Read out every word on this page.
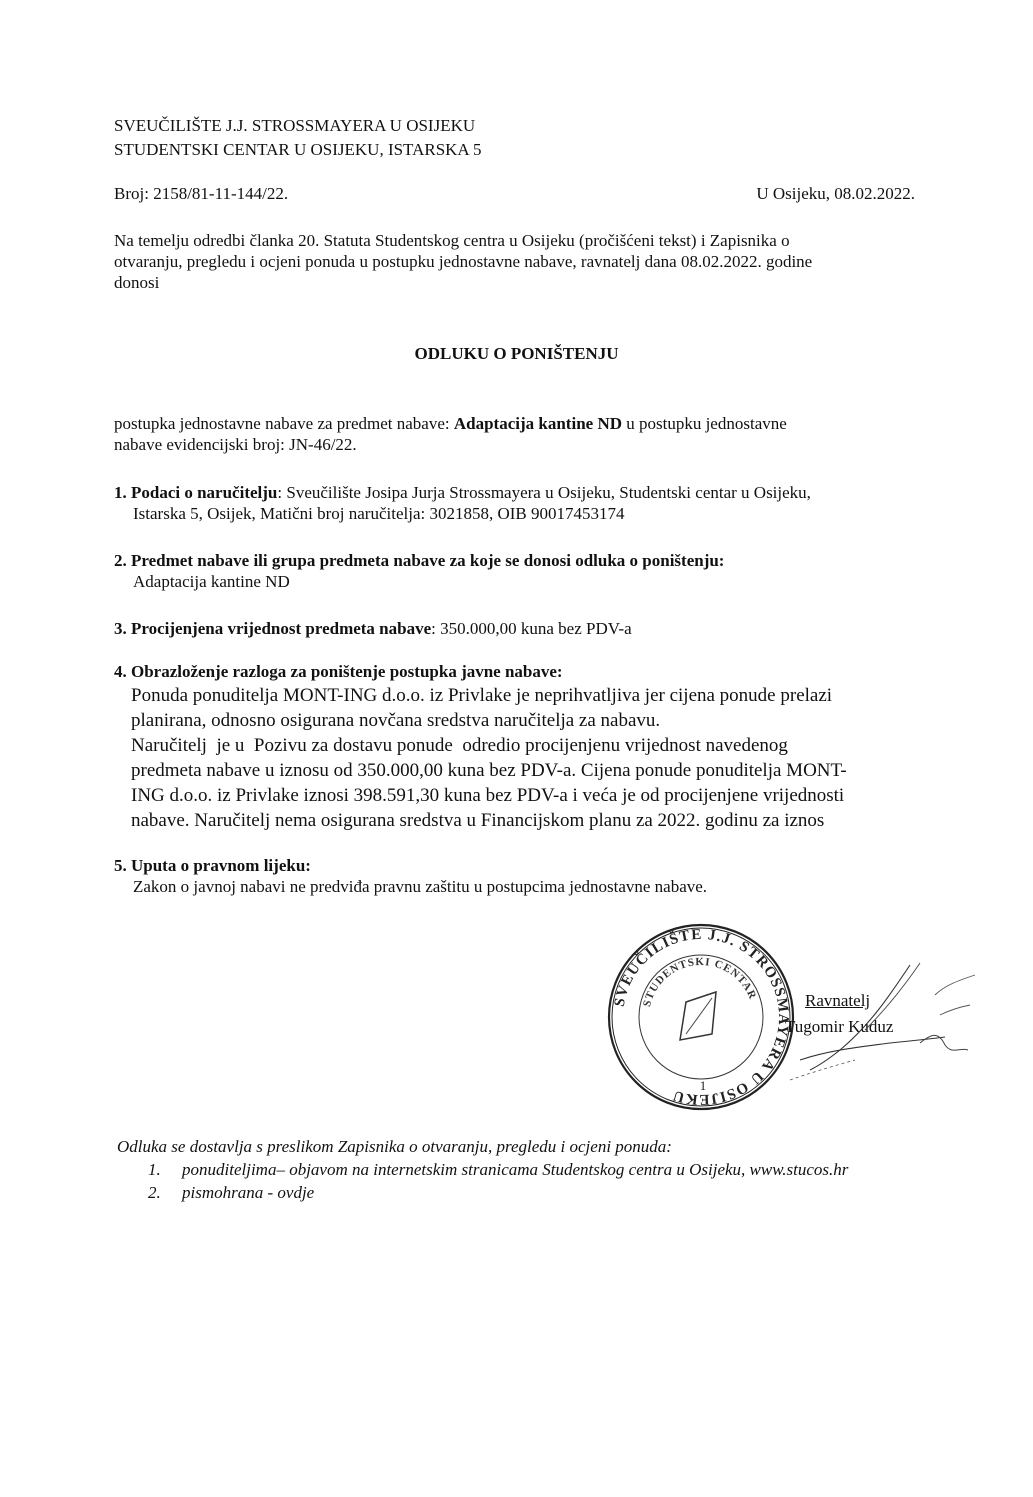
SVEUČILIŠTE J.J. STROSSMAYERA U OSIJEKU
STUDENTSKI CENTAR U OSIJEKU, ISTARSKA 5
Broj: 2158/81-11-144/22.	U Osijeku, 08.02.2022.
Na temelju odredbi članka 20. Statuta Studentskog centra u Osijeku (pročišćeni tekst) i Zapisnika o
otvaranju, pregledu i ocjeni ponuda u postupku jednostavne nabave, ravnatelj dana 08.02.2022. godine
donosi
ODLUKU O PONIŠTENJU
postupka jednostavne nabave za predmet nabave: Adaptacija kantine ND u postupku jednostavne
nabave evidencijski broj: JN-46/22.
1. Podaci o naručitelju: Sveučilište Josipa Jurja Strossmayera u Osijeku, Studentski centar u Osijeku,
Istarska 5, Osijek, Matični broj naručitelja: 3021858, OIB 90017453174
2. Predmet nabave ili grupa predmeta nabave za koje se donosi odluka o poništenju:
Adaptacija kantine ND
3. Procijenjena vrijednost predmeta nabave: 350.000,00 kuna bez PDV-a
4. Obrazloženje razloga za poništenje postupka javne nabave:
Ponuda ponuditelja MONT-ING d.o.o. iz Privlake je neprihvatljiva jer cijena ponude prelazi
planirana, odnosno osigurana novčana sredstva naručitelja za nabavu.
Naručitelj  je u  Pozivu za dostavu ponude  odredio procijenjenu vrijednost navedenog
predmeta nabave u iznosu od 350.000,00 kuna bez PDV-a. Cijena ponude ponuditelja MONT-
ING d.o.o. iz Privlake iznosi 398.591,30 kuna bez PDV-a i veća je od procijenjene vrijednosti
nabave. Naručitelj nema osigurana sredstva u Financijskom planu za 2022. godinu za iznos
5. Uputa o pravnom lijeku:
Zakon o javnoj nabavi ne predviđa pravnu zaštitu u postupcima jednostavne nabave.
SVEUČILIŠTE J.J. STROSSMAYERA U OSIJEKU
STUDENTSKI CENTAR
1
Ravnatelj
Tugomir Kuduz
Odluka se dostavlja s preslikom Zapisnika o otvaranju, pregledu i ocjeni ponuda:
1. ponuditeljima– objavom na internetskim stranicama Studentskog centra u Osijeku, www.stucos.hr
2. pismohrana - ovdje
